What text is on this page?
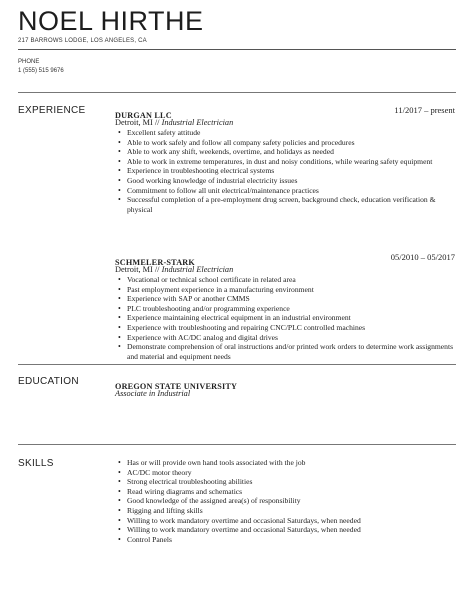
NOEL HIRTHE
217 BARROWS LODGE, LOS ANGELES, CA
PHONE
1 (555) 515 9676
EXPERIENCE	DURGAN LLC
11/2017 – present
Detroit, MI // Industrial Electrician
• Excellent safety attitude
• Able to work safely and follow all company safety policies and procedures
• Able to work any shift, weekends, overtime, and holidays as needed
• Able to work in extreme temperatures, in dust and noisy conditions, while wearing safety equipment
• Experience in troubleshooting electrical systems
• Good working knowledge of industrial electricity issues
• Commitment to follow all unit electrical/maintenance practices
• Successful completion of a pre-employment drug screen, background check, education verification & physical
SCHMELER-STARK
05/2010 – 05/2017
Detroit, MI // Industrial Electrician
• Vocational or technical school certificate in related area
• Past employment experience in a manufacturing environment
• Experience with SAP or another CMMS
• PLC troubleshooting and/or programming experience
• Experience maintaining electrical equipment in an industrial environment
• Experience with troubleshooting and repairing CNC/PLC controlled machines
• Experience with AC/DC analog and digital drives
• Demonstrate comprehension of oral instructions and/or printed work orders to determine work assignments and material and equipment needs
EDUCATION	OREGON STATE UNIVERSITY
Associate in Industrial
SKILLS
•	Has or will provide own hand tools associated with the job
• AC/DC motor theory
• Strong electrical troubleshooting abilities
• Read wiring diagrams and schematics
• Good knowledge of the assigned area(s) of responsibility
• Rigging and lifting skills
• Willing to work mandatory overtime and occasional Saturdays, when needed
• Willing to work mandatory overtime and occasional Saturdays, when needed
• Control Panels
